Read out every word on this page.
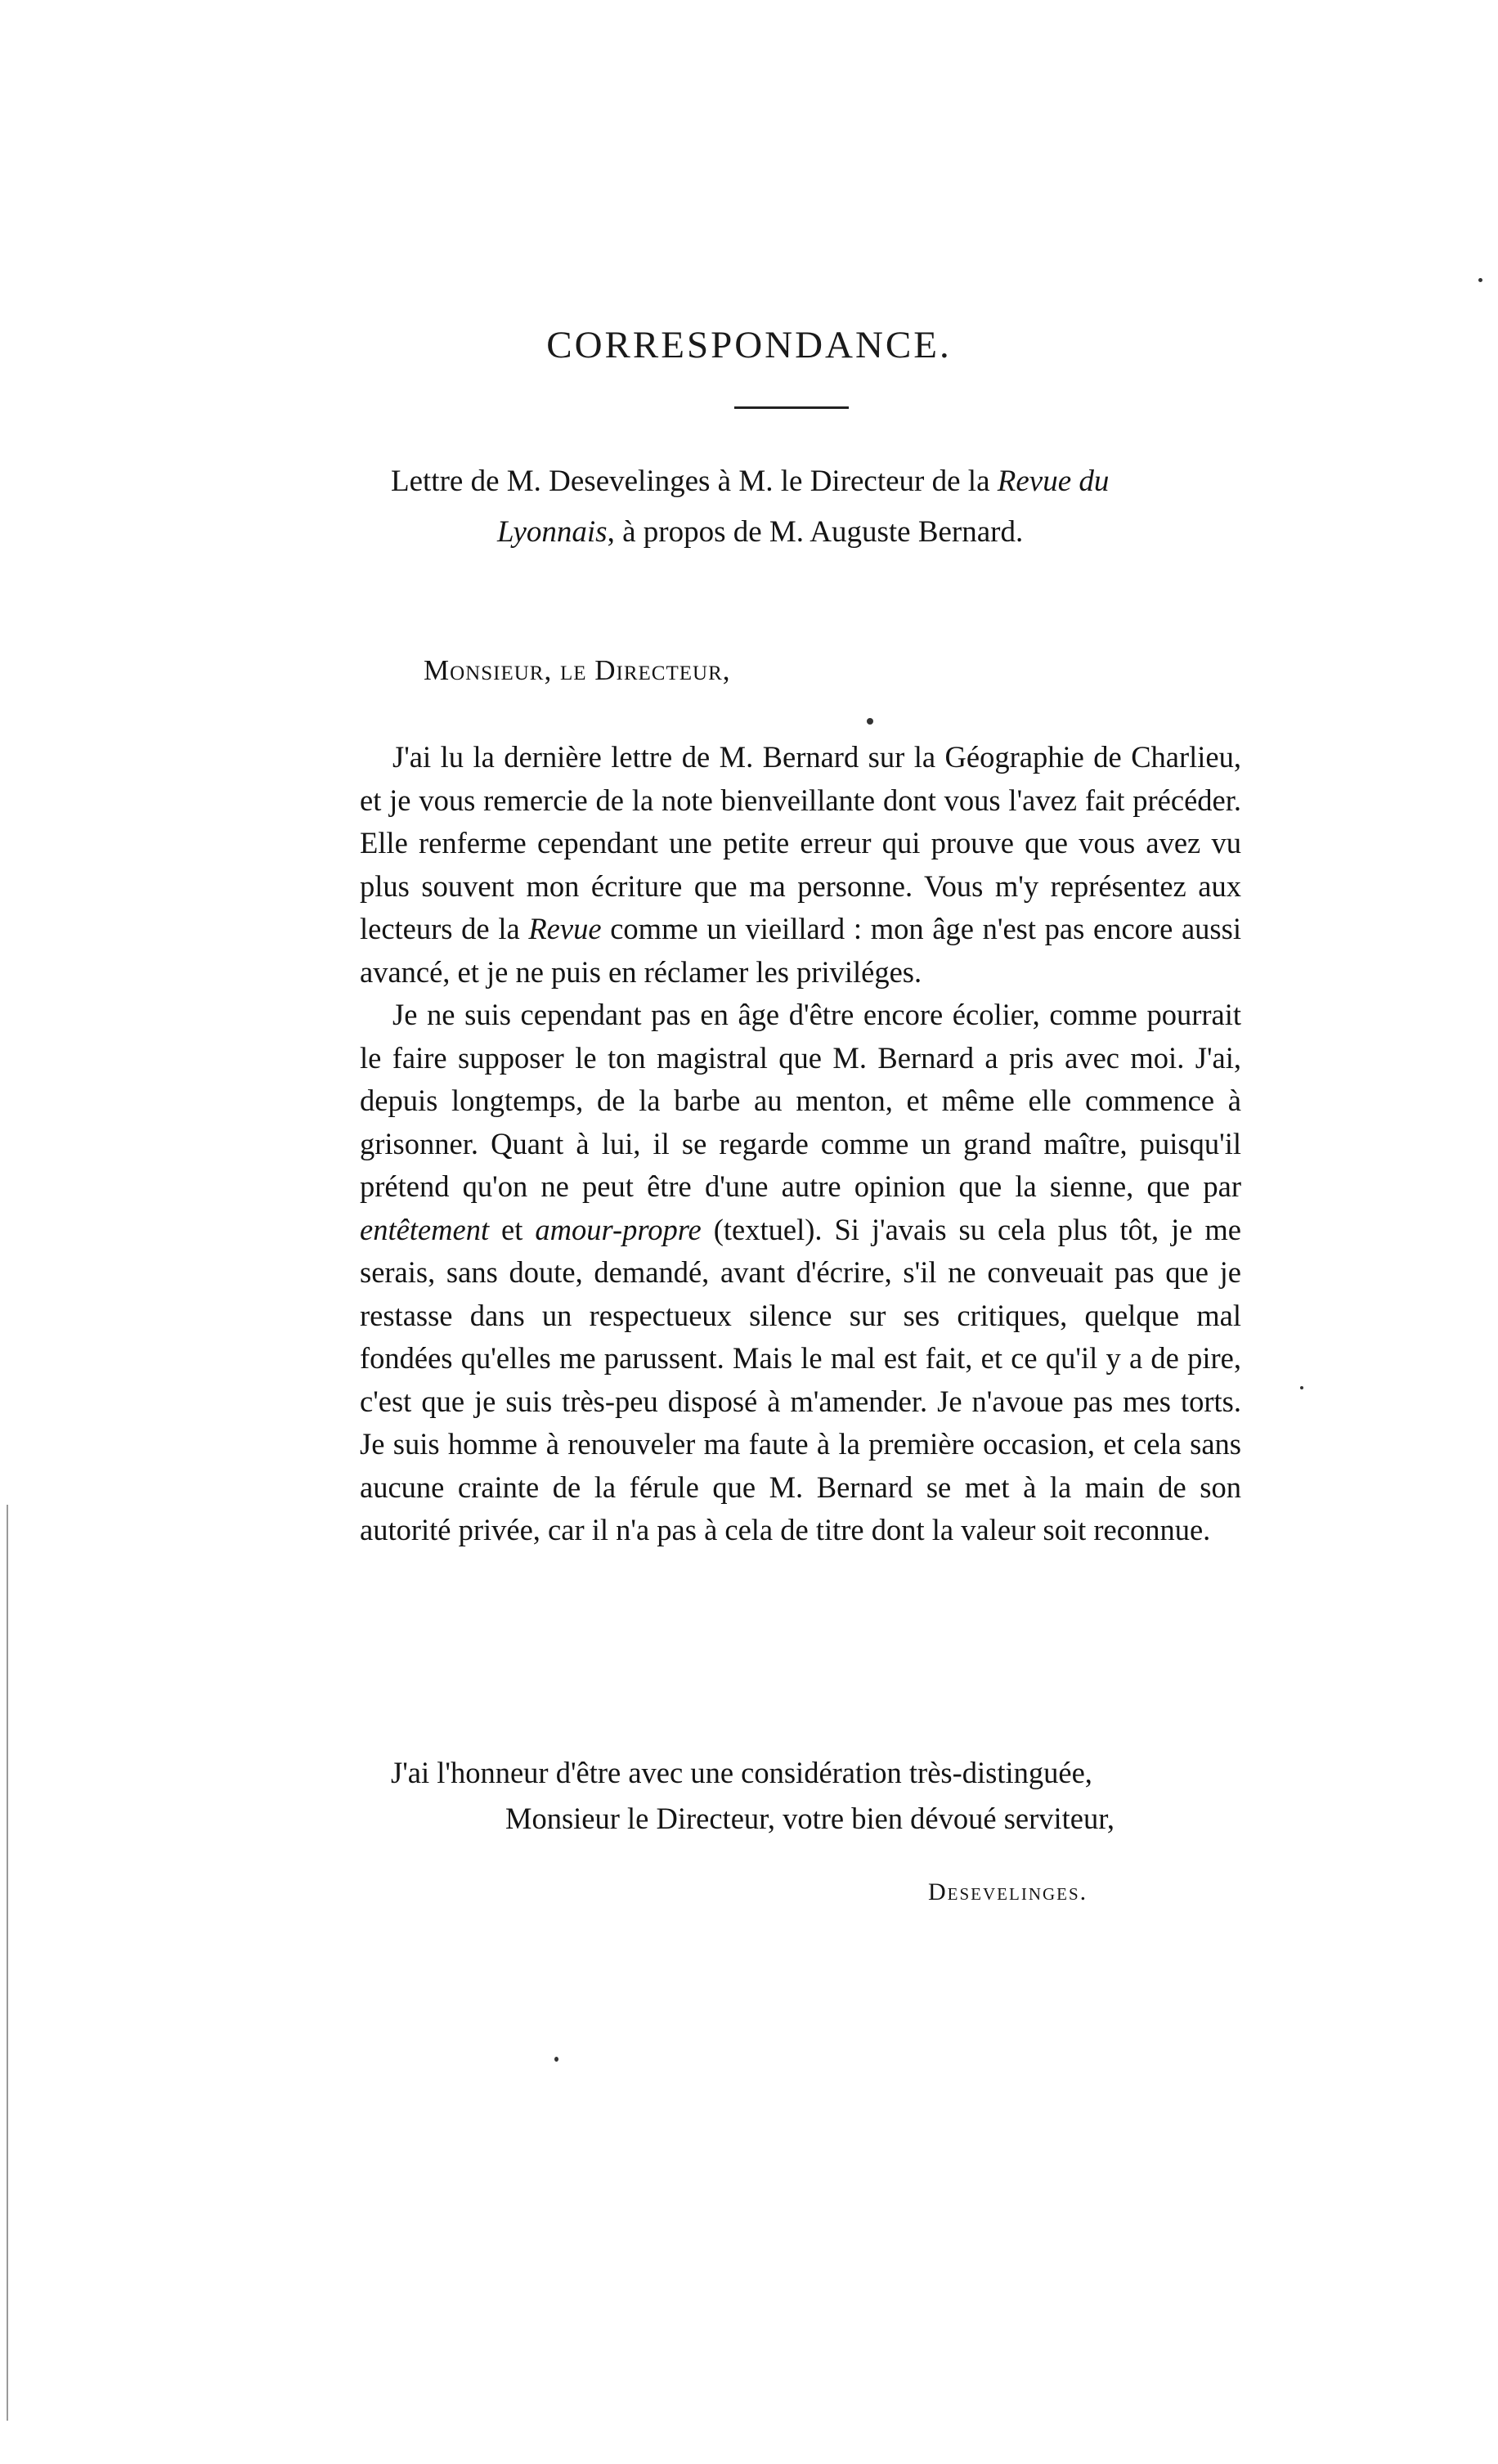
CORRESPONDANCE.
Lettre de M. Desevelinges à M. le Directeur de la Revue du
Lyonnais, à propos de M. Auguste Bernard.
Monsieur, le Directeur,

J'ai lu la dernière lettre de M. Bernard sur la Géographie de Charlieu, et je vous remercie de la note bienveillante dont vous l'avez fait précéder. Elle renferme cependant une petite erreur qui prouve que vous avez vu plus souvent mon écriture que ma personne. Vous m'y représentez aux lecteurs de la Revue comme un vieillard : mon âge n'est pas encore aussi avancé, et je ne puis en réclamer les priviléges.

Je ne suis cependant pas en âge d'être encore écolier, comme pourrait le faire supposer le ton magistral que M. Bernard a pris avec moi. J'ai, depuis longtemps, de la barbe au menton, et même elle commence à grisonner. Quant à lui, il se regarde comme un grand maître, puisqu'il prétend qu'on ne peut être d'une autre opinion que la sienne, que par entêtement et amour-propre (textuel). Si j'avais su cela plus tôt, je me serais, sans doute, demandé, avant d'écrire, s'il ne conveuait pas que je restasse dans un respectueux silence sur ses critiques, quelque mal fondées qu'elles me parussent. Mais le mal est fait, et ce qu'il y a de pire, c'est que je suis très-peu disposé à m'amender. Je n'avoue pas mes torts. Je suis homme à renouveler ma faute à la première occasion, et cela sans aucune crainte de la férule que M. Bernard se met à la main de son autorité privée, car il n'a pas à cela de titre dont la valeur soit reconnue.

J'ai l'honneur d'être avec une considération très-distinguée,
Monsieur le Directeur, votre bien dévoué serviteur,
Desevelinges.
